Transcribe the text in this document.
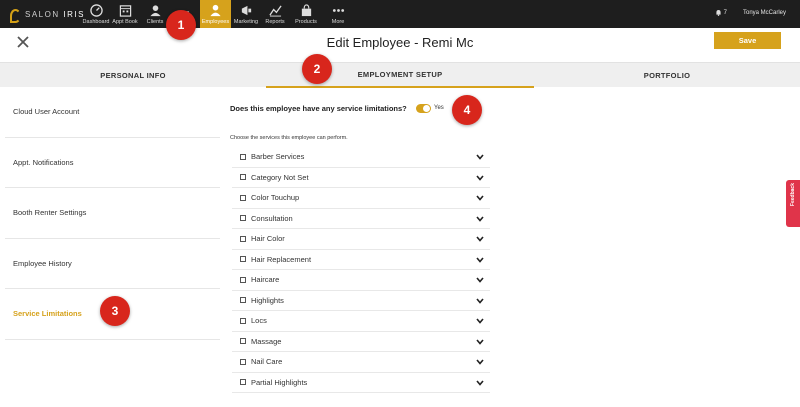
SALON IRIS
Dashboard Appt Book Clients	Employees Marketing Reports Products	More
7	Tonya McCarley
Edit Employee - Remi Mc	Save
PERSONAL INFO	EMPLOYMENT SETUP	PORTFOLIO
Cloud User Account
Appt. Notifications
Booth Renter Settings
Employee History
Service Limitations
Does this employee have any service limitations?	Yes
Choose the services this employee can perform.
Barber Services
Category Not Set
Color Touchup
Consultation
Hair Color
Hair Replacement
Haircare
Highlights
Locs
Massage
Nail Care
Partial Highlights
1
2
3
4
Feedback
